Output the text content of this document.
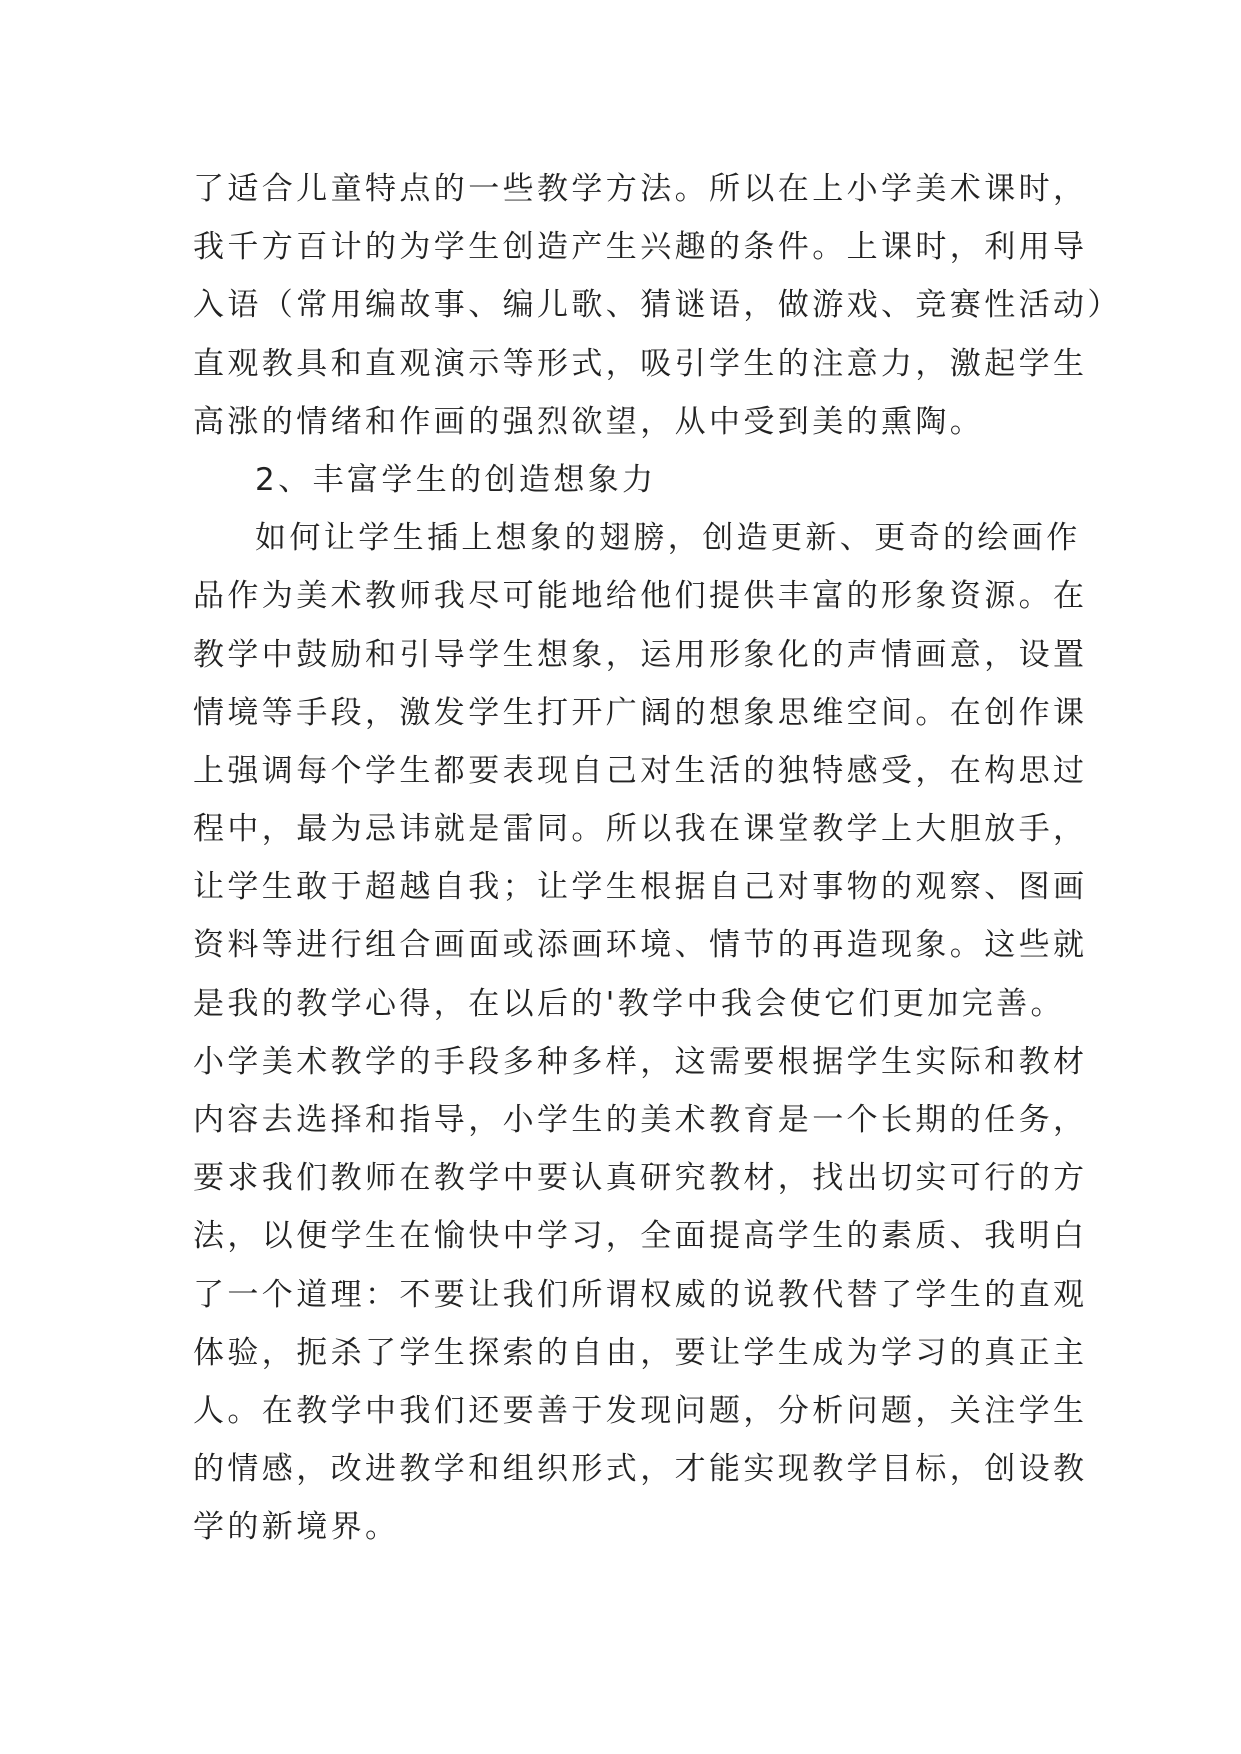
了适合儿童特点的一些教学方法。所以在上小学美术课时，
我千方百计的为学生创造产生兴趣的条件。上课时，利用导
入语（常用编故事、编儿歌、猜谜语，做游戏、竞赛性活动）
直观教具和直观演示等形式，吸引学生的注意力，激起学生
高涨的情绪和作画的强烈欲望，从中受到美的熏陶。
2、丰富学生的创造想象力
如何让学生插上想象的翅膀，创造更新、更奇的绘画作
品作为美术教师我尽可能地给他们提供丰富的形象资源。在
教学中鼓励和引导学生想象，运用形象化的声情画意，设置
情境等手段，激发学生打开广阔的想象思维空间。在创作课
上强调每个学生都要表现自己对生活的独特感受，在构思过
程中，最为忌讳就是雷同。所以我在课堂教学上大胆放手，
让学生敢于超越自我；让学生根据自己对事物的观察、图画
资料等进行组合画面或添画环境、情节的再造现象。这些就
是我的教学心得，在以后的'教学中我会使它们更加完善。
小学美术教学的手段多种多样，这需要根据学生实际和教材
内容去选择和指导，小学生的美术教育是一个长期的任务，
要求我们教师在教学中要认真研究教材，找出切实可行的方
法，以便学生在愉快中学习，全面提高学生的素质、我明白
了一个道理：不要让我们所谓权威的说教代替了学生的直观
体验，扼杀了学生探索的自由，要让学生成为学习的真正主
人。在教学中我们还要善于发现问题，分析问题，关注学生
的情感，改进教学和组织形式，才能实现教学目标，创设教
学的新境界。
